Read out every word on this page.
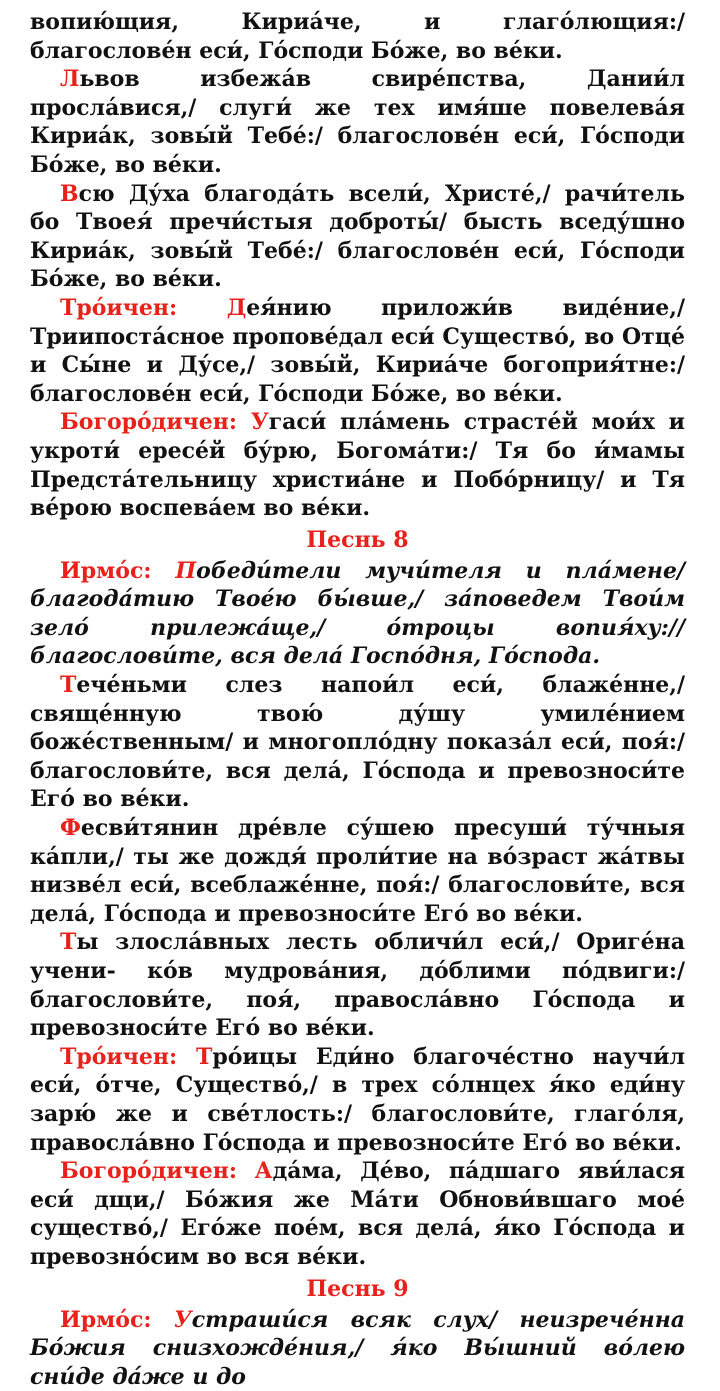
вопию́щия, Кириа́че, и глаго́лющия:/ благослове́н еси́, Го́споди Бо́же, во ве́ки.

Львов избежа́в свире́пства, Дании́л просла́вися,/ слуги́ же тех имя́ше повелева́я Кириа́к, зовы́й Тебе́:/ благослове́н еси́, Го́споди Бо́же, во ве́ки.

Всю Ду́ха благода́ть всели́, Христе́,/ рачи́тель бо Твоея́ пречи́стыя доброты́/ бысть вседу́шно Кириа́к, зовы́й Тебе́:/ благослове́н еси́, Го́споди Бо́же, во ве́ки.

Тро́ичен: Дея́нию приложи́в виде́ние,/ Триипоста́сное пропове́дал еси́ Существо́, во Отце́ и Сы́не и Ду́се,/ зовы́й, Кириа́че богоприя́тне:/ благослове́н еси́, Го́споди Бо́же, во ве́ки.

Богоро́дичен: Угаси́ пла́мень страсте́й мои́х и укроти́ ересе́й бу́рю, Богома́ти:/ Тя бо и́мамы Предста́тельницу христиа́не и Побо́рницу/ и Тя ве́рою воспева́ем во ве́ки.

Песнь 8

Ирмо́с: Победи́тели мучи́теля и пла́мене/ благода́тию Твое́ю бы́вше,/ за́поведем Твои́м зело́ прилежа́ще,/ о́троцы вопия́ху:// благослови́те, вся дела́ Госпо́дня, Го́спода.

Тече́ньми слез напои́л еси́, блаже́нне,/ свяще́нную твою́ ду́шу умиле́нием боже́ственным/ и многопло́дну показа́л еси́, поя́:/ благослови́те, вся дела́, Го́спода и превозноси́те Его́ во ве́ки.

Фесви́тянин дре́вле су́шею пресуши́ ту́чныя ка́пли,/ ты же дождя́ проли́тие на во́зраст жа́твы низве́л еси́, всеблаже́нне, поя́:/ благослови́те, вся дела́, Го́спода и превозноси́те Его́ во ве́ки.

Ты злосла́вных лесть обличи́л еси́,/ Ориге́на учени- ко́в мудрова́ния, до́блими по́двиги:/ благослови́те, поя́, правосла́вно Го́спода и превозноси́те Его́ во ве́ки.

Тро́ичен: Тро́ицы Еди́но благоче́стно научи́л еси́, о́тче, Существо́,/ в трех со́лнцех я́ко еди́ну зарю́ же и све́тлость:/ благослови́те, глаго́ля, правосла́вно Го́спода и превозноси́те Его́ во ве́ки.

Богоро́дичен: Ада́ма, Де́во, па́дшаго яви́лася еси́ дщи,/ Бо́жия же Ма́ти Обнови́вшаго мое́ существо́,/ Его́же пое́м, вся дела́, я́ко Го́спода и превозно́сим во вся ве́ки.

Песнь 9

Ирмо́с: Устраши́ся всяк слух/ неизрече́нна Бо́жия снизхожде́ния,/ я́ко Вы́шний во́лею сни́де да́же и до
